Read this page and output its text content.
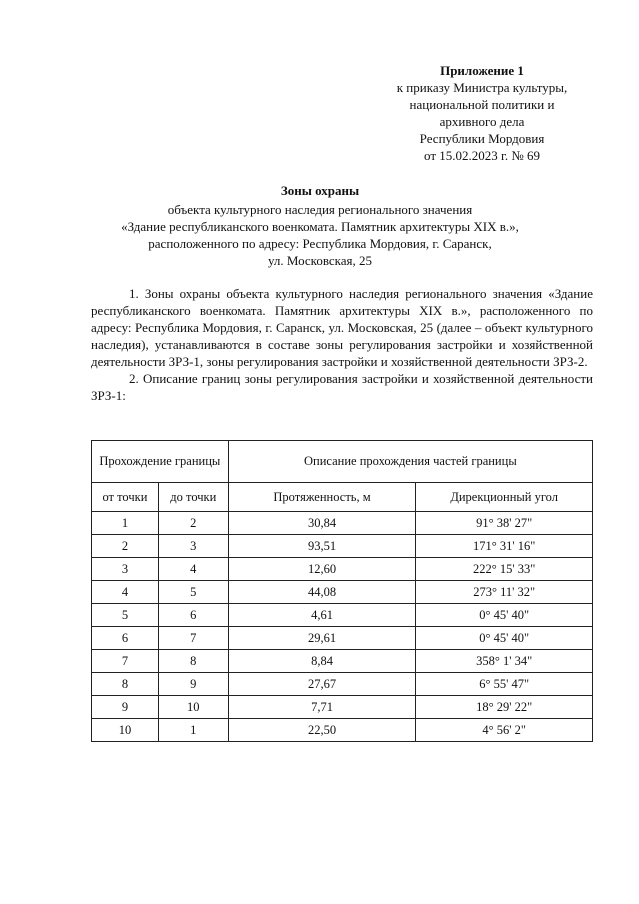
Приложение 1
к приказу Министра культуры,
национальной политики и
архивного дела
Республики Мордовия
от 15.02.2023 г. № 69
Зоны охраны
объекта культурного наследия регионального значения
«Здание республиканского военкомата. Памятник архитектуры XIX в.»,
расположенного по адресу: Республика Мордовия, г. Саранск,
ул. Московская, 25

1. Зоны охраны объекта культурного наследия регионального значения «Здание республиканского военкомата. Памятник архитектуры XIX в.», расположенного по адресу: Республика Мордовия, г. Саранск, ул. Московская, 25 (далее – объект культурного наследия), устанавливаются в составе зоны регулирования застройки и хозяйственной деятельности ЗРЗ-1, зоны регулирования застройки и хозяйственной деятельности ЗРЗ-2.

2. Описание границ зоны регулирования застройки и хозяйственной деятельности ЗРЗ-1:

Прохождение границы		Описание прохождения частей границы	
от точки	до точки	Протяженность, м	Дирекционный угол
1	2	30,84	91° 38' 27"
2	3	93,51	171° 31' 16"
3	4	12,60	222° 15' 33"
4	5	44,08	273° 11' 32"
5	6	4,61	0° 45' 40"
6	7	29,61	0° 45' 40"
7	8	8,84	358° 1' 34"
8	9	27,67	6° 55' 47"
9	10	7,71	18° 29' 22"
10	1	22,50	4° 56' 2"
